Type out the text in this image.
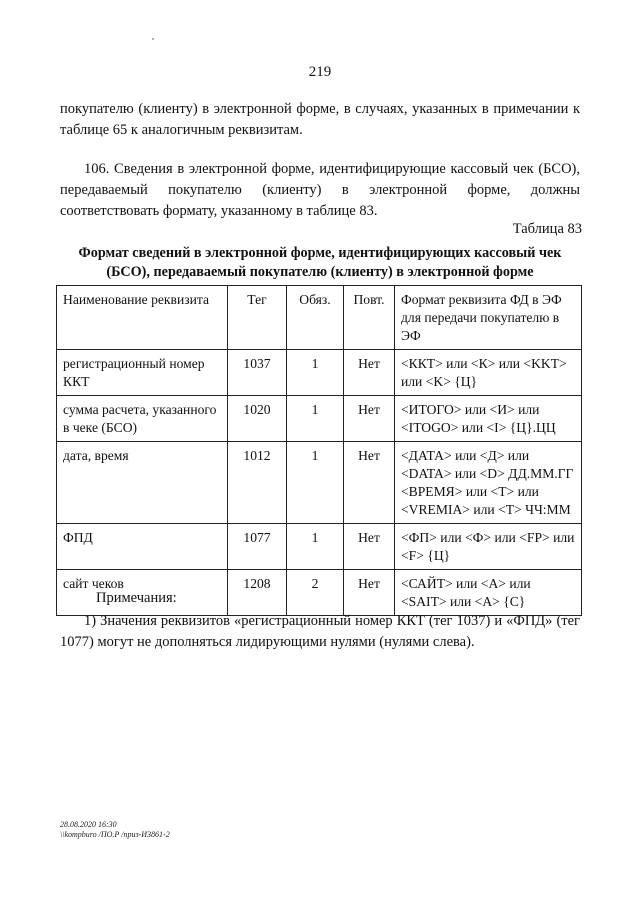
219
покупателю (клиенту) в электронной форме, в случаях, указанных в примечании к таблице 65 к аналогичным реквизитам.
106. Сведения в электронной форме, идентифицирующие кассовый чек (БСО), передаваемый покупателю (клиенту) в электронной форме, должны соответствовать формату, указанному в таблице 83.
Таблица 83
Формат сведений в электронной форме, идентифицирующих кассовый чек (БСО), передаваемый покупателю (клиенту) в электронной форме
Наименование реквизита	Тег	Обяз.	Повт.	Формат реквизита ФД в ЭФ для передачи покупателю в ЭФ
регистрационный номер ККТ	1037	1	Нет	<ККТ> или <К> или <KKT> или <K> {Ц}
сумма расчета, указанного в чеке (БСО)	1020	1	Нет	<ИТОГО> или <И> или <ITOGO> или <I> {Ц}.ЦЦ
дата, время	1012	1	Нет	<ДАТА> или <Д> или <DATA> или <D> ДД.ММ.ГГ <ВРЕМЯ> или <Т> или <VREMIA> или <T> ЧЧ:ММ
ФПД	1077	1	Нет	<ФП> или <Ф> или <FP> или <F> {Ц}
сайт чеков	1208	2	Нет	<САЙТ> или <А> или <SAIT> или <A> {C}
Примечания:
1) Значения реквизитов «регистрационный номер ККТ (тег 1037) и «ФПД» (тег 1077) могут не дополняться лидирующими нулями (нулями слева).
28.08.2020 16:30
\\kompburo /ПО.Р /приз-И3861-2
